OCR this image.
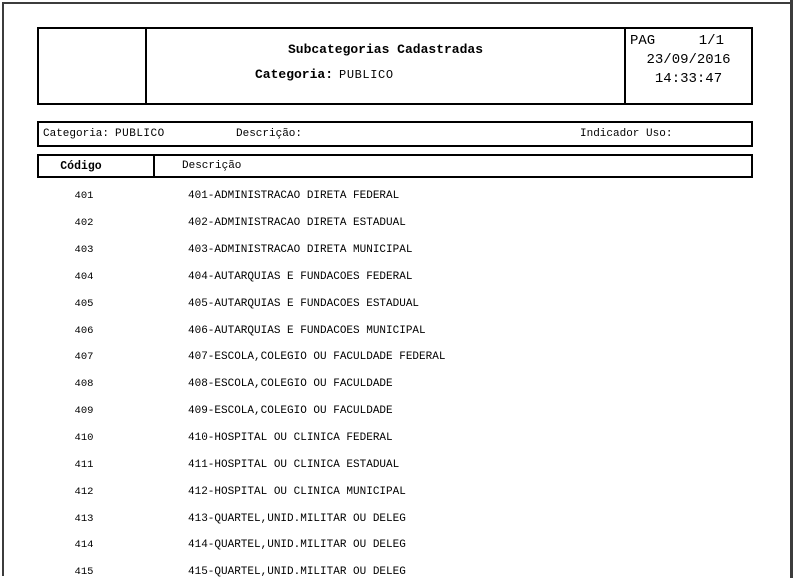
Subcategorias Cadastradas
Categoria: PUBLICO
PAG	1/1
23/09/2016
14:33:47
Categoria: PUBLICO	Descrição:	Indicador Uso:
Código	Descrição
401	401-ADMINISTRACAO DIRETA FEDERAL
402	402-ADMINISTRACAO DIRETA ESTADUAL
403	403-ADMINISTRACAO DIRETA MUNICIPAL
404	404-AUTARQUIAS E FUNDACOES FEDERAL
405	405-AUTARQUIAS E FUNDACOES ESTADUAL
406	406-AUTARQUIAS E FUNDACOES MUNICIPAL
407	407-ESCOLA,COLEGIO OU FACULDADE FEDERAL
408	408-ESCOLA,COLEGIO OU FACULDADE
409	409-ESCOLA,COLEGIO OU FACULDADE
410	410-HOSPITAL OU CLINICA FEDERAL
411	411-HOSPITAL OU CLINICA ESTADUAL
412	412-HOSPITAL OU CLINICA MUNICIPAL
413	413-QUARTEL,UNID.MILITAR OU DELEG
414	414-QUARTEL,UNID.MILITAR OU DELEG
415	415-QUARTEL,UNID.MILITAR OU DELEG
